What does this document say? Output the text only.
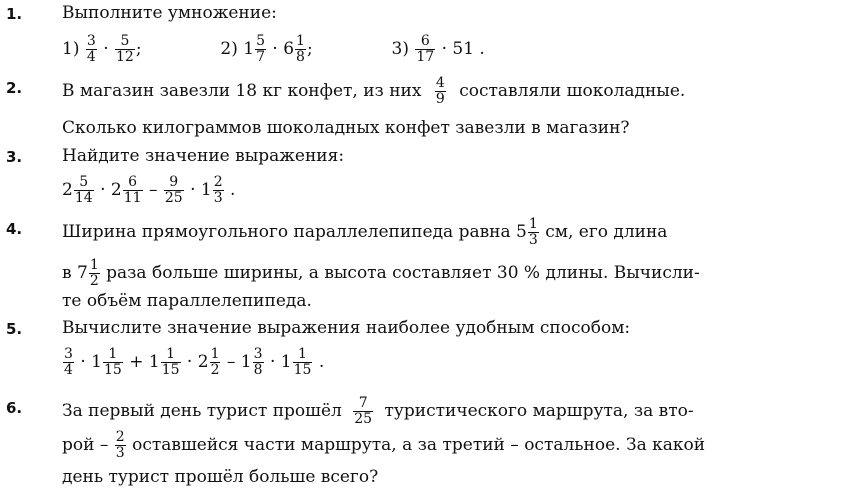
1. Выполните умножение:
$1) \frac{3}{4} \cdot \frac{5}{12}$ ;	2) $1 \frac{5}{7} \cdot 6 \frac{1}{8}$ ;	$3) \frac{6}{17} \cdot 51$ .
2. В магазин завезли 18 кг конфет, из них $\frac{4}{9}$ составляли шоколадные.
Сколько килограммов шоколадных конфет завезли в магазин?
3. Найдите значение выражения:
$2 \frac{5}{14} \cdot 2 \frac{6}{11} - \frac{9}{25} \cdot 1 \frac{2}{3}$ .
4. Ширина прямоугольного параллелепипеда равна $5 \frac{1}{3}$ см, его длина
в $7 \frac{1}{2}$ раза больше ширины, а высота составляет 30 % длины. Вычисли-
те объём параллелепипеда.
5. Вычислите значение выражения наиболее удобным способом:
$\frac{3}{4} \cdot 1 \frac{1}{15} + 1 \frac{1}{15} \cdot 2 \frac{1}{2} - 1 \frac{3}{8} \cdot 1 \frac{1}{15}$ .
6. За первый день турист прошёл $\frac{7}{25}$ туристического маршрута, за вто-
рой – $\frac{2}{3}$ оставшейся части маршрута, а за третий – остальное. За какой
день турист прошёл больше всего?
